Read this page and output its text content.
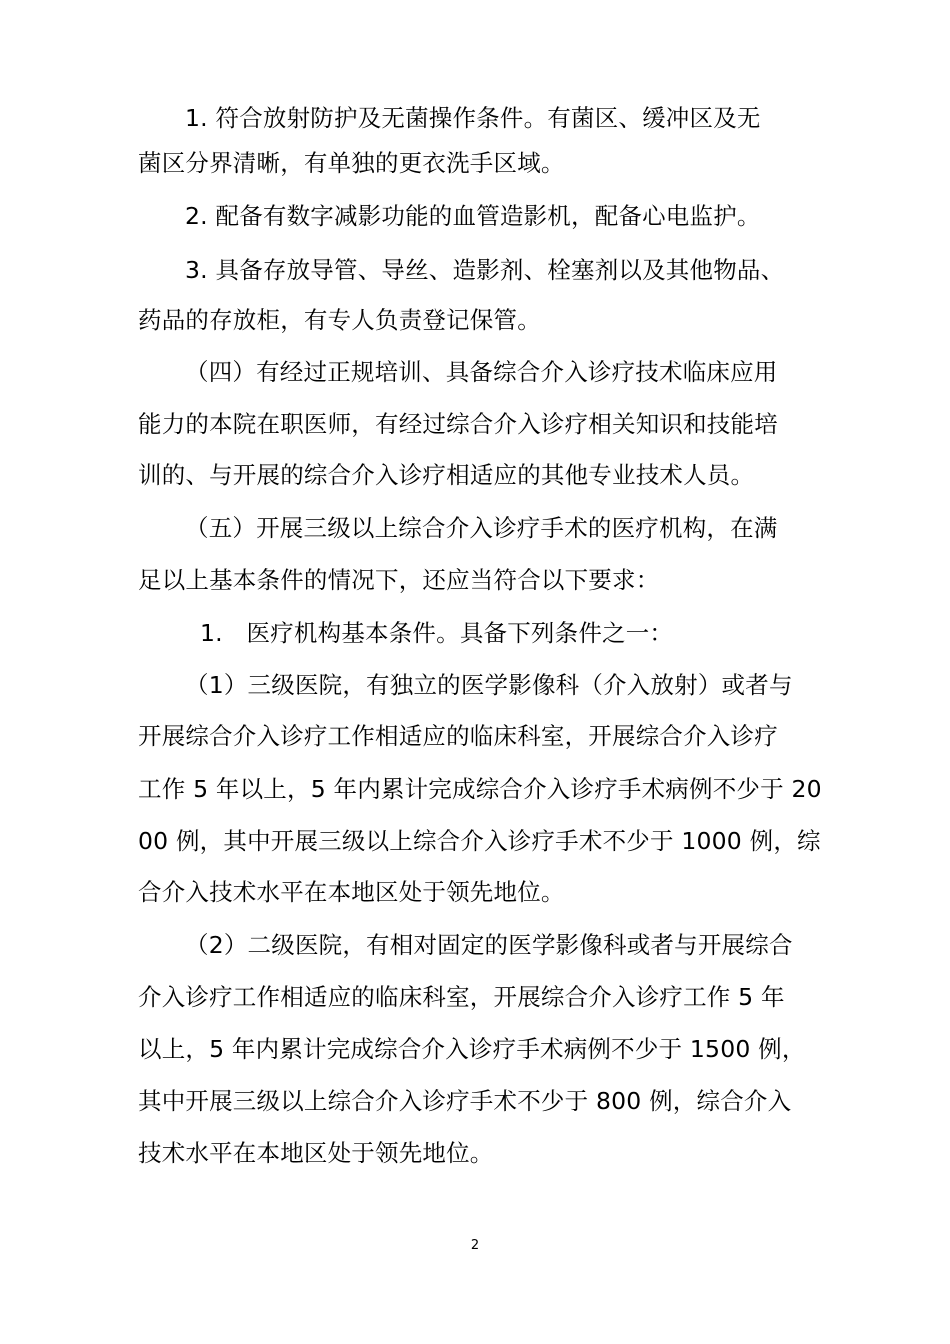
1. 符合放射防护及无菌操作条件。有菌区、缓冲区及无
菌区分界清晰，有单独的更衣洗手区域。
2. 配备有数字减影功能的血管造影机，配备心电监护。
3. 具备存放导管、导丝、造影剂、栓塞剂以及其他物品、
药品的存放柜，有专人负责登记保管。
（四）有经过正规培训、具备综合介入诊疗技术临床应用
能力的本院在职医师，有经过综合介入诊疗相关知识和技能培
训的、与开展的综合介入诊疗相适应的其他专业技术人员。
（五）开展三级以上综合介入诊疗手术的医疗机构，在满
足以上基本条件的情况下，还应当符合以下要求：
1.　医疗机构基本条件。具备下列条件之一：
（1）三级医院，有独立的医学影像科（介入放射）或者与
开展综合介入诊疗工作相适应的临床科室，开展综合介入诊疗
工作 5 年以上，5 年内累计完成综合介入诊疗手术病例不少于 20
00 例，其中开展三级以上综合介入诊疗手术不少于 1000 例，综
合介入技术水平在本地区处于领先地位。
（2）二级医院，有相对固定的医学影像科或者与开展综合
介入诊疗工作相适应的临床科室，开展综合介入诊疗工作 5 年
以上，5 年内累计完成综合介入诊疗手术病例不少于 1500 例，
其中开展三级以上综合介入诊疗手术不少于 800 例，综合介入
技术水平在本地区处于领先地位。
2
